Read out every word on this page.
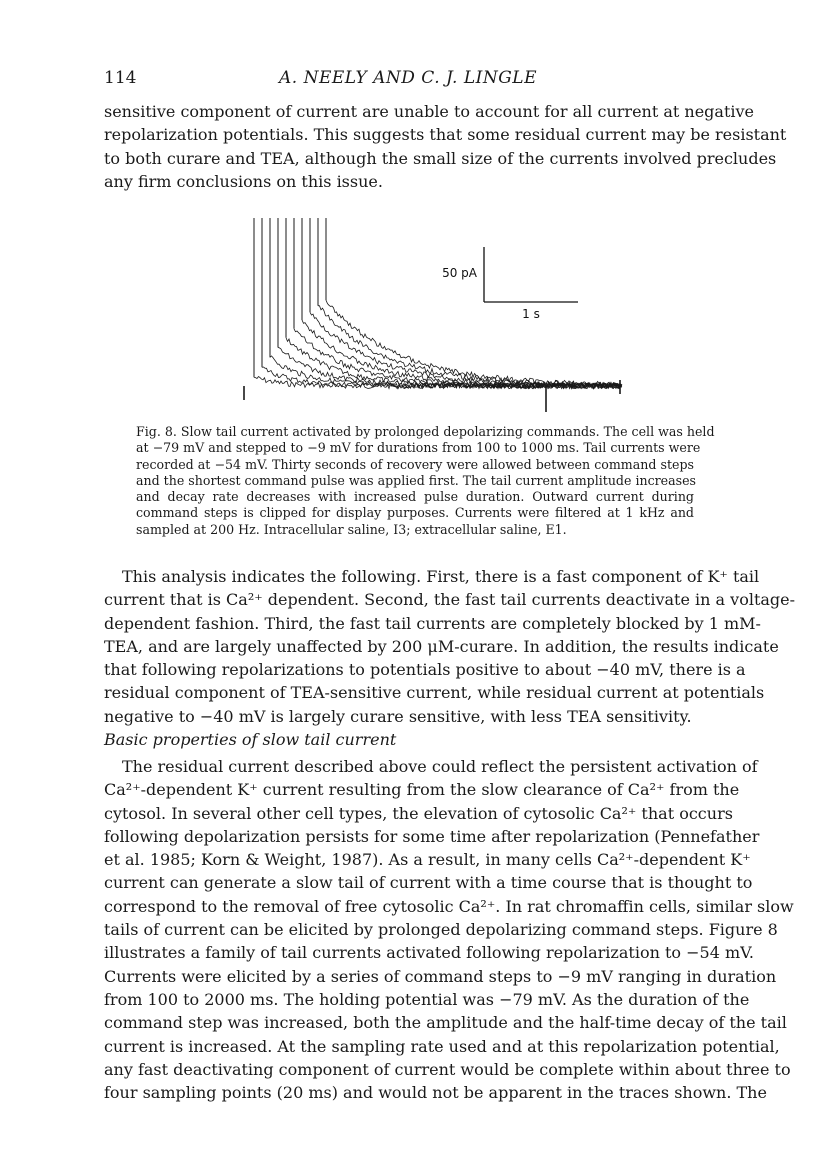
114	A. NEELY AND C. J. LINGLE

sensitive component of current are unable to account for all current at negative
repolarization potentials. This suggests that some residual current may be resistant
to both curare and TEA, although the small size of the currents involved precludes
any firm conclusions on this issue.

50 pA
1 s

Fig. 8. Slow tail current activated by prolonged depolarizing commands. The cell was held
at −79 mV and stepped to −9 mV for durations from 100 to 1000 ms. Tail currents were
recorded at −54 mV. Thirty seconds of recovery were allowed between command steps
and the shortest command pulse was applied first. The tail current amplitude increases
and decay rate decreases with increased pulse duration. Outward current during
command steps is clipped for display purposes. Currents were filtered at 1 kHz and
sampled at 200 Hz. Intracellular saline, I3; extracellular saline, E1.

This analysis indicates the following. First, there is a fast component of K⁺ tail
current that is Ca²⁺ dependent. Second, the fast tail currents deactivate in a voltage-
dependent fashion. Third, the fast tail currents are completely blocked by 1 mM-
TEA, and are largely unaffected by 200 μM-curare. In addition, the results indicate
that following repolarizations to potentials positive to about −40 mV, there is a
residual component of TEA-sensitive current, while residual current at potentials
negative to −40 mV is largely curare sensitive, with less TEA sensitivity.

Basic properties of slow tail current

The residual current described above could reflect the persistent activation of
Ca²⁺-dependent K⁺ current resulting from the slow clearance of Ca²⁺ from the
cytosol. In several other cell types, the elevation of cytosolic Ca²⁺ that occurs
following depolarization persists for some time after repolarization (Pennefather
et al. 1985; Korn & Weight, 1987). As a result, in many cells Ca²⁺-dependent K⁺
current can generate a slow tail of current with a time course that is thought to
correspond to the removal of free cytosolic Ca²⁺. In rat chromaffin cells, similar slow
tails of current can be elicited by prolonged depolarizing command steps. Figure 8
illustrates a family of tail currents activated following repolarization to −54 mV.
Currents were elicited by a series of command steps to −9 mV ranging in duration
from 100 to 2000 ms. The holding potential was −79 mV. As the duration of the
command step was increased, both the amplitude and the half-time decay of the tail
current is increased. At the sampling rate used and at this repolarization potential,
any fast deactivating component of current would be complete within about three to
four sampling points (20 ms) and would not be apparent in the traces shown. The
